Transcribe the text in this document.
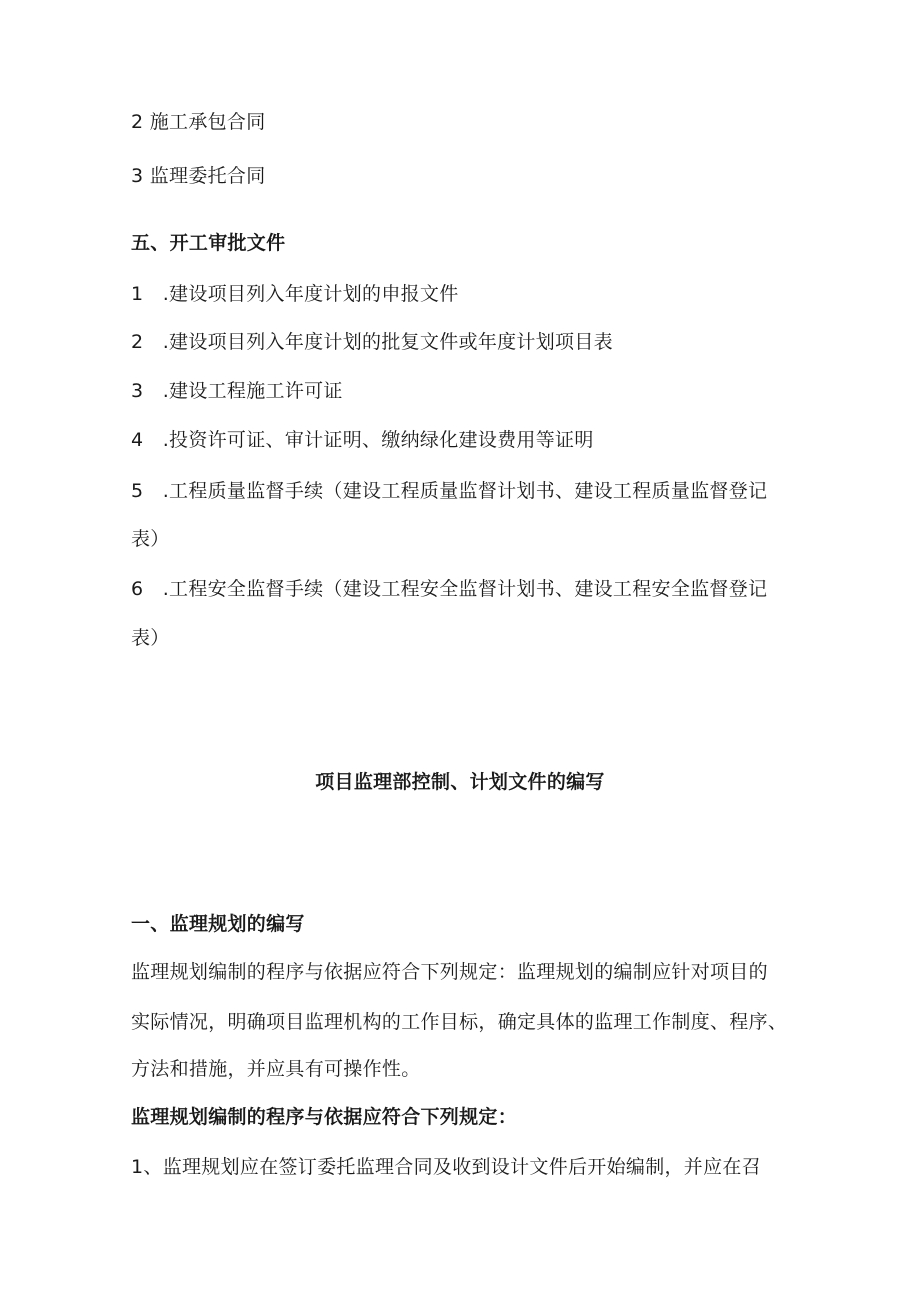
2 施工承包合同
3 监理委托合同
五、开工审批文件
1　.建设项目列入年度计划的申报文件
2　.建设项目列入年度计划的批复文件或年度计划项目表
3　.建设工程施工许可证
4　.投资许可证、审计证明、缴纳绿化建设费用等证明
5　.工程质量监督手续（建设工程质量监督计划书、建设工程质量监督登记
表）
6　.工程安全监督手续（建设工程安全监督计划书、建设工程安全监督登记
表）
项目监理部控制、计划文件的编写
一、监理规划的编写
监理规划编制的程序与依据应符合下列规定：监理规划的编制应针对项目的
实际情况，明确项目监理机构的工作目标，确定具体的监理工作制度、程序、
方法和措施，并应具有可操作性。
监理规划编制的程序与依据应符合下列规定：
1、监理规划应在签订委托监理合同及收到设计文件后开始编制，并应在召
